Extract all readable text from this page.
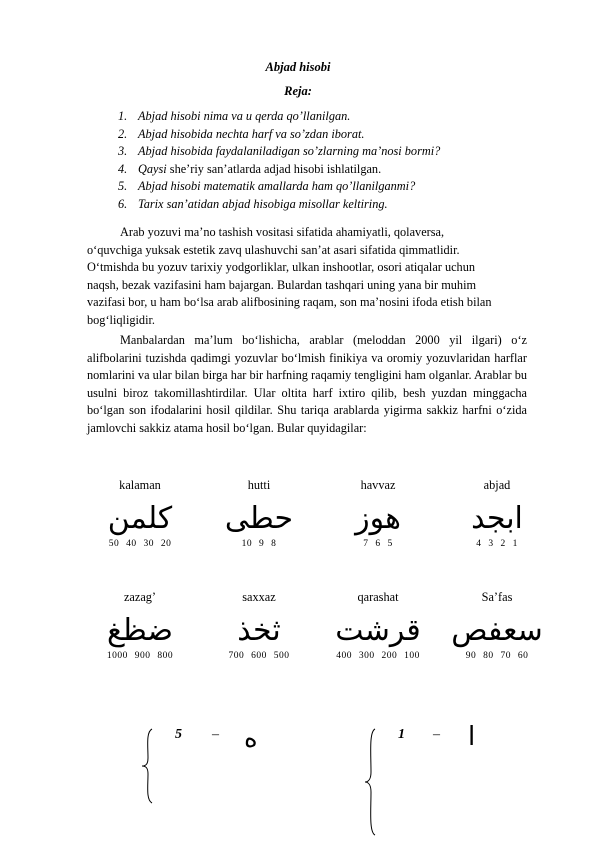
Abjad hisobi
Reja:
1. Abjad hisobi nima va u qerda qo’llanilgan.
2. Abjad hisobida nechta harf va so’zdan iborat.
3. Abjad hisobida faydalaniladigan so’zlarning ma’nosi bormi?
4. Qaysi she’riy san’atlarda adjad hisobi ishlatilgan.
5. Abjad hisobi matematik amallarda ham qo’llanilganmi?
6. Tarix san’atidan abjad hisobiga misollar keltiring.
Arab yozuvi ma’no tashish vositasi sifatida ahamiyatli, qolaversa,
o‘quvchiga yuksak estetik zavq ulashuvchi san’at asari sifatida qimmatlidir.
O‘tmishda bu yozuv tarixiy yodgorliklar, ulkan inshootlar, osori atiqalar uchun
naqsh, bezak vazifasini ham bajargan. Bulardan tashqari uning yana bir muhim
vazifasi bor, u ham bo‘lsa arab alifbosining raqam, son ma’nosini ifoda etish bilan
bog‘liqligidir.
Manbalardan ma’lum bo‘lishicha, arablar (meloddan 2000 yil ilgari) o‘z alifbolarini tuzishda qadimgi yozuvlar bo‘lmish finikiya va oromiy yozuvlaridan harflar nomlarini va ular bilan birga har bir harfning raqamiy tengligini ham olganlar. Arablar bu usulni biroz takomillashtirdilar. Ular oltita harf ixtiro qilib, besh yuzdan minggacha bo‘lgan son ifodalarini hosil qildilar. Shu tariqa arablarda yigirma sakkiz harfni o‘zida jamlovchi sakkiz atama hosil bo‘lgan. Bular quyidagilar:
kalaman
كلمن
50 40 30 20
hutti
حطى
10 9 8
havvaz
هوز
7 6 5
abjad
ابجد
4 3 2 1
zazag’
ضظغ
1000 900 800
saxxaz
ثخذ
700 600 500
qarashat
قرشت
400 300 200 100
Sa’fas
سعفص
90 80 70 60
5 – ه	1 – ا
